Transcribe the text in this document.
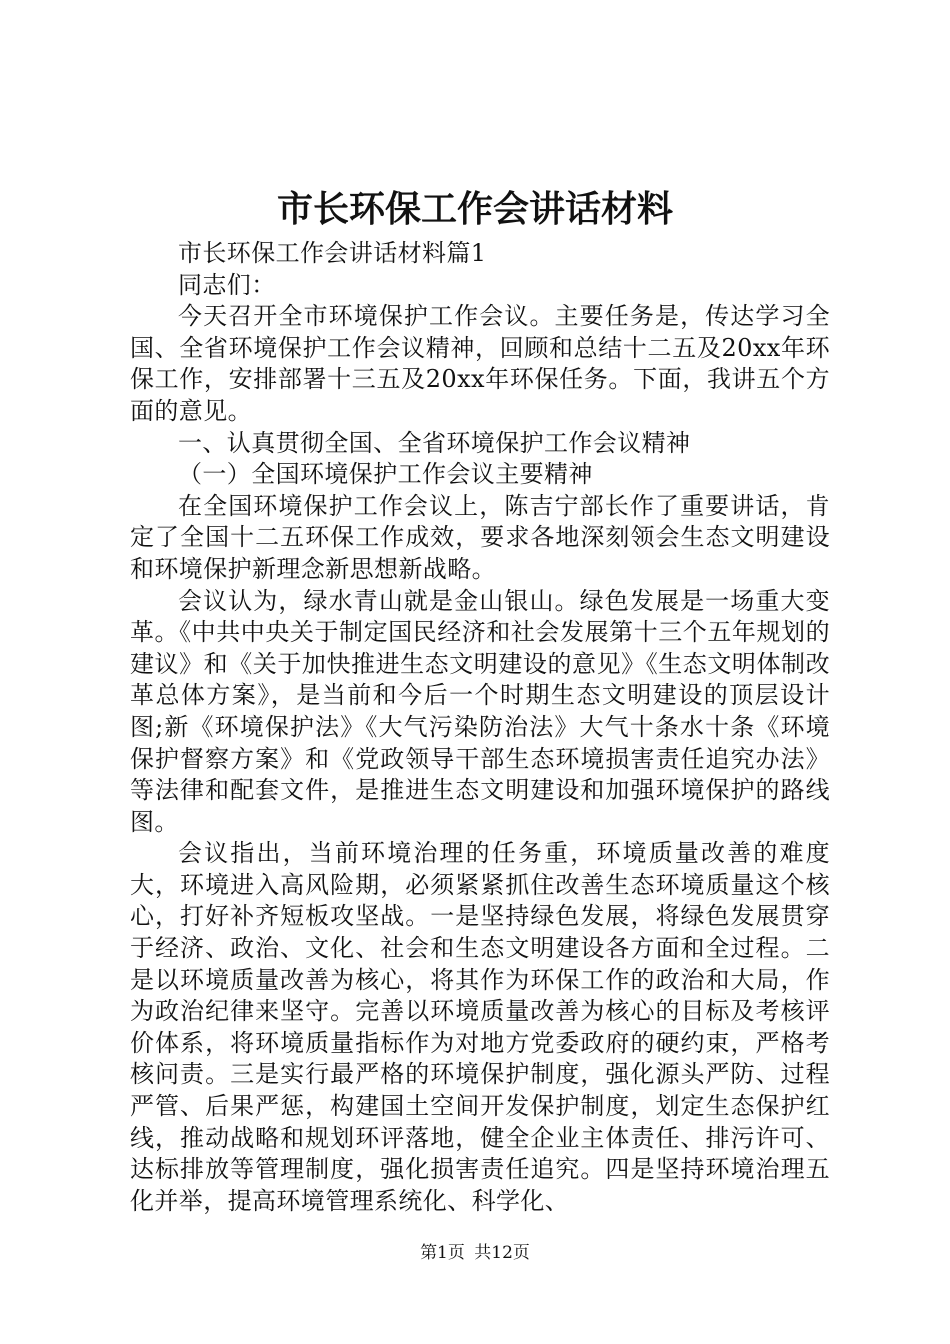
市长环保工作会讲话材料

市长环保工作会讲话材料篇1

同志们：

今天召开全市环境保护工作会议。主要任务是，传达学习全国、全省环境保护工作会议精神，回顾和总结十二五及20xx年环保工作，安排部署十三五及20xx年环保任务。下面，我讲五个方面的意见。

一、认真贯彻全国、全省环境保护工作会议精神

（一）全国环境保护工作会议主要精神

在全国环境保护工作会议上，陈吉宁部长作了重要讲话，肯定了全国十二五环保工作成效，要求各地深刻领会生态文明建设和环境保护新理念新思想新战略。

会议认为，绿水青山就是金山银山。绿色发展是一场重大变革。《中共中央关于制定国民经济和社会发展第十三个五年规划的建议》和《关于加快推进生态文明建设的意见》《生态文明体制改革总体方案》，是当前和今后一个时期生态文明建设的顶层设计图;新《环境保护法》《大气污染防治法》大气十条水十条《环境保护督察方案》和《党政领导干部生态环境损害责任追究办法》等法律和配套文件，是推进生态文明建设和加强环境保护的路线图。

会议指出，当前环境治理的任务重，环境质量改善的难度大，环境进入高风险期，必须紧紧抓住改善生态环境质量这个核心，打好补齐短板攻坚战。一是坚持绿色发展，将绿色发展贯穿于经济、政治、文化、社会和生态文明建设各方面和全过程。二是以环境质量改善为核心，将其作为环保工作的政治和大局，作为政治纪律来坚守。完善以环境质量改善为核心的目标及考核评价体系，将环境质量指标作为对地方党委政府的硬约束，严格考核问责。三是实行最严格的环境保护制度，强化源头严防、过程严管、后果严惩，构建国土空间开发保护制度，划定生态保护红线，推动战略和规划环评落地，健全企业主体责任、排污许可、达标排放等管理制度，强化损害责任追究。四是坚持环境治理五化并举，提高环境管理系统化、科学化、

第1页 共12页
